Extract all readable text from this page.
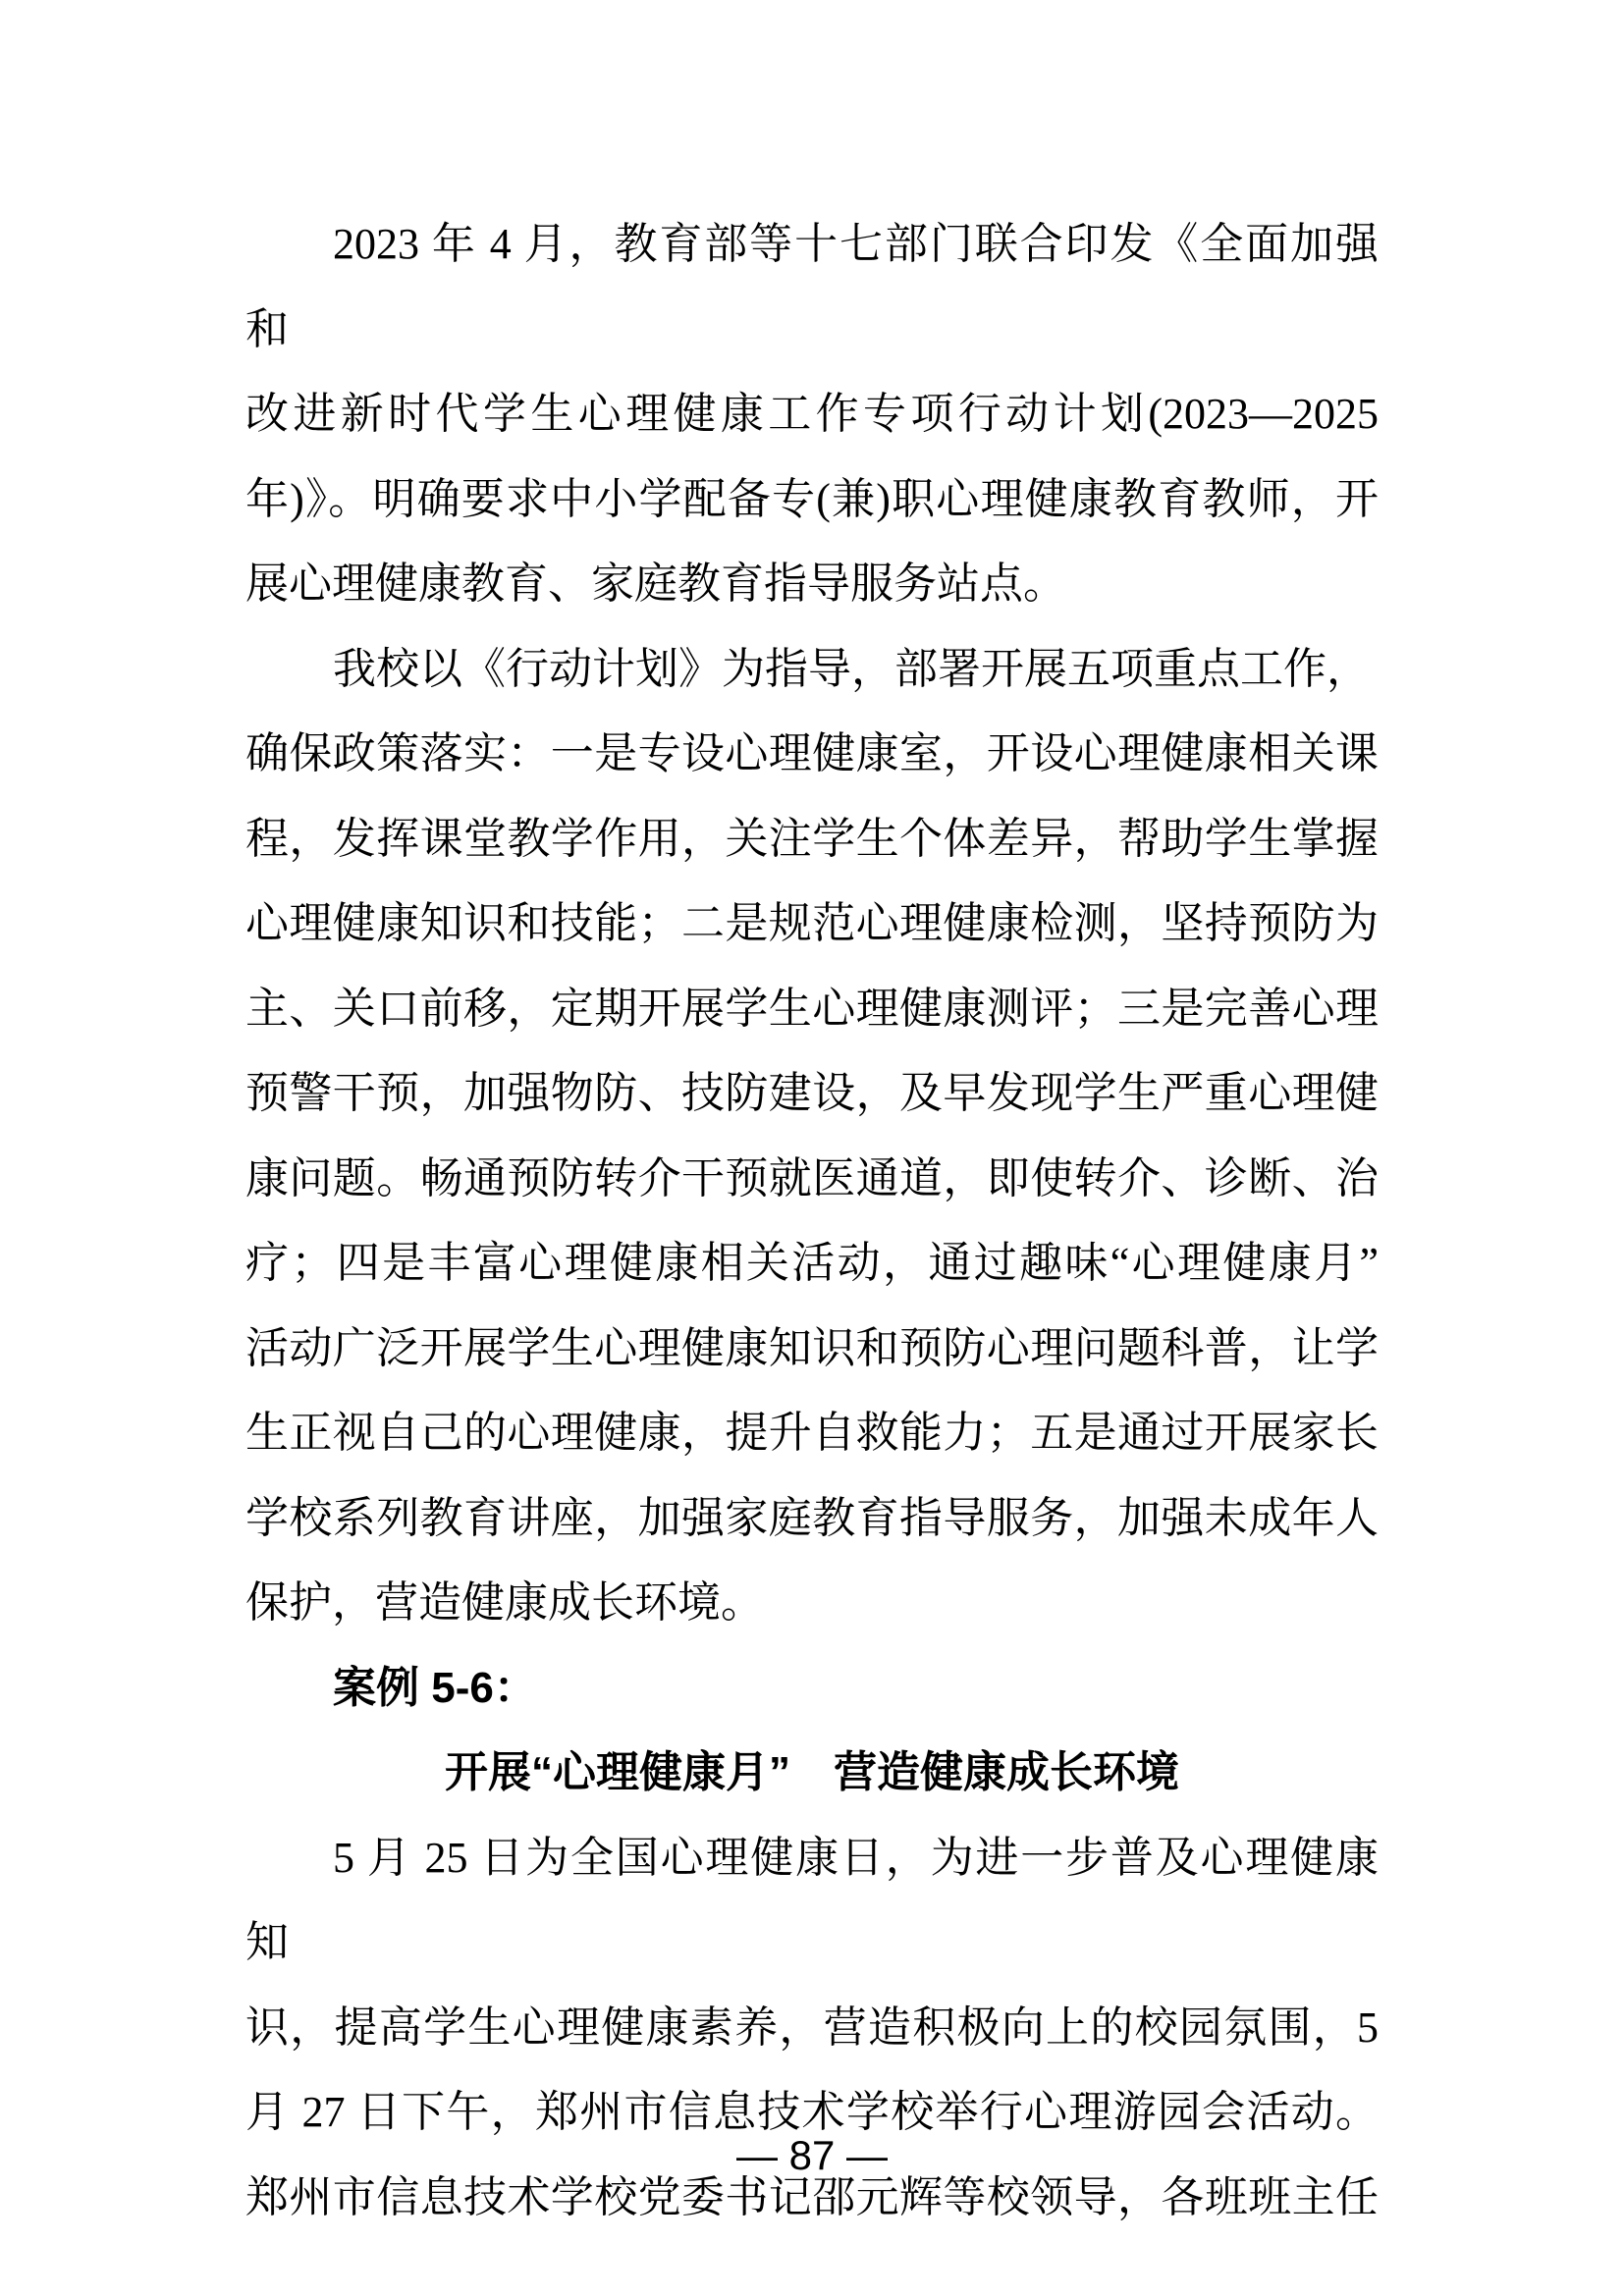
2023 年 4 月，教育部等十七部门联合印发《全面加强和
改进新时代学生心理健康工作专项行动计划(2023—2025
年)》。明确要求中小学配备专(兼)职心理健康教育教师，开
展心理健康教育、家庭教育指导服务站点。
我校以《行动计划》为指导，部署开展五项重点工作，
确保政策落实：一是专设心理健康室，开设心理健康相关课
程，发挥课堂教学作用，关注学生个体差异，帮助学生掌握
心理健康知识和技能；二是规范心理健康检测，坚持预防为
主、关口前移，定期开展学生心理健康测评；三是完善心理
预警干预，加强物防、技防建设，及早发现学生严重心理健
康问题。畅通预防转介干预就医通道，即使转介、诊断、治
疗；四是丰富心理健康相关活动，通过趣味“心理健康月”
活动广泛开展学生心理健康知识和预防心理问题科普，让学
生正视自己的心理健康，提升自救能力；五是通过开展家长
学校系列教育讲座，加强家庭教育指导服务，加强未成年人
保护，营造健康成长环境。
案例 5-6：
开展“心理健康月”　营造健康成长环境
5 月 25 日为全国心理健康日，为进一步普及心理健康知
识，提高学生心理健康素养，营造积极向上的校园氛围，5
月 27 日下午，郑州市信息技术学校举行心理游园会活动。
郑州市信息技术学校党委书记邵元辉等校领导，各班班主任
— 87 —
